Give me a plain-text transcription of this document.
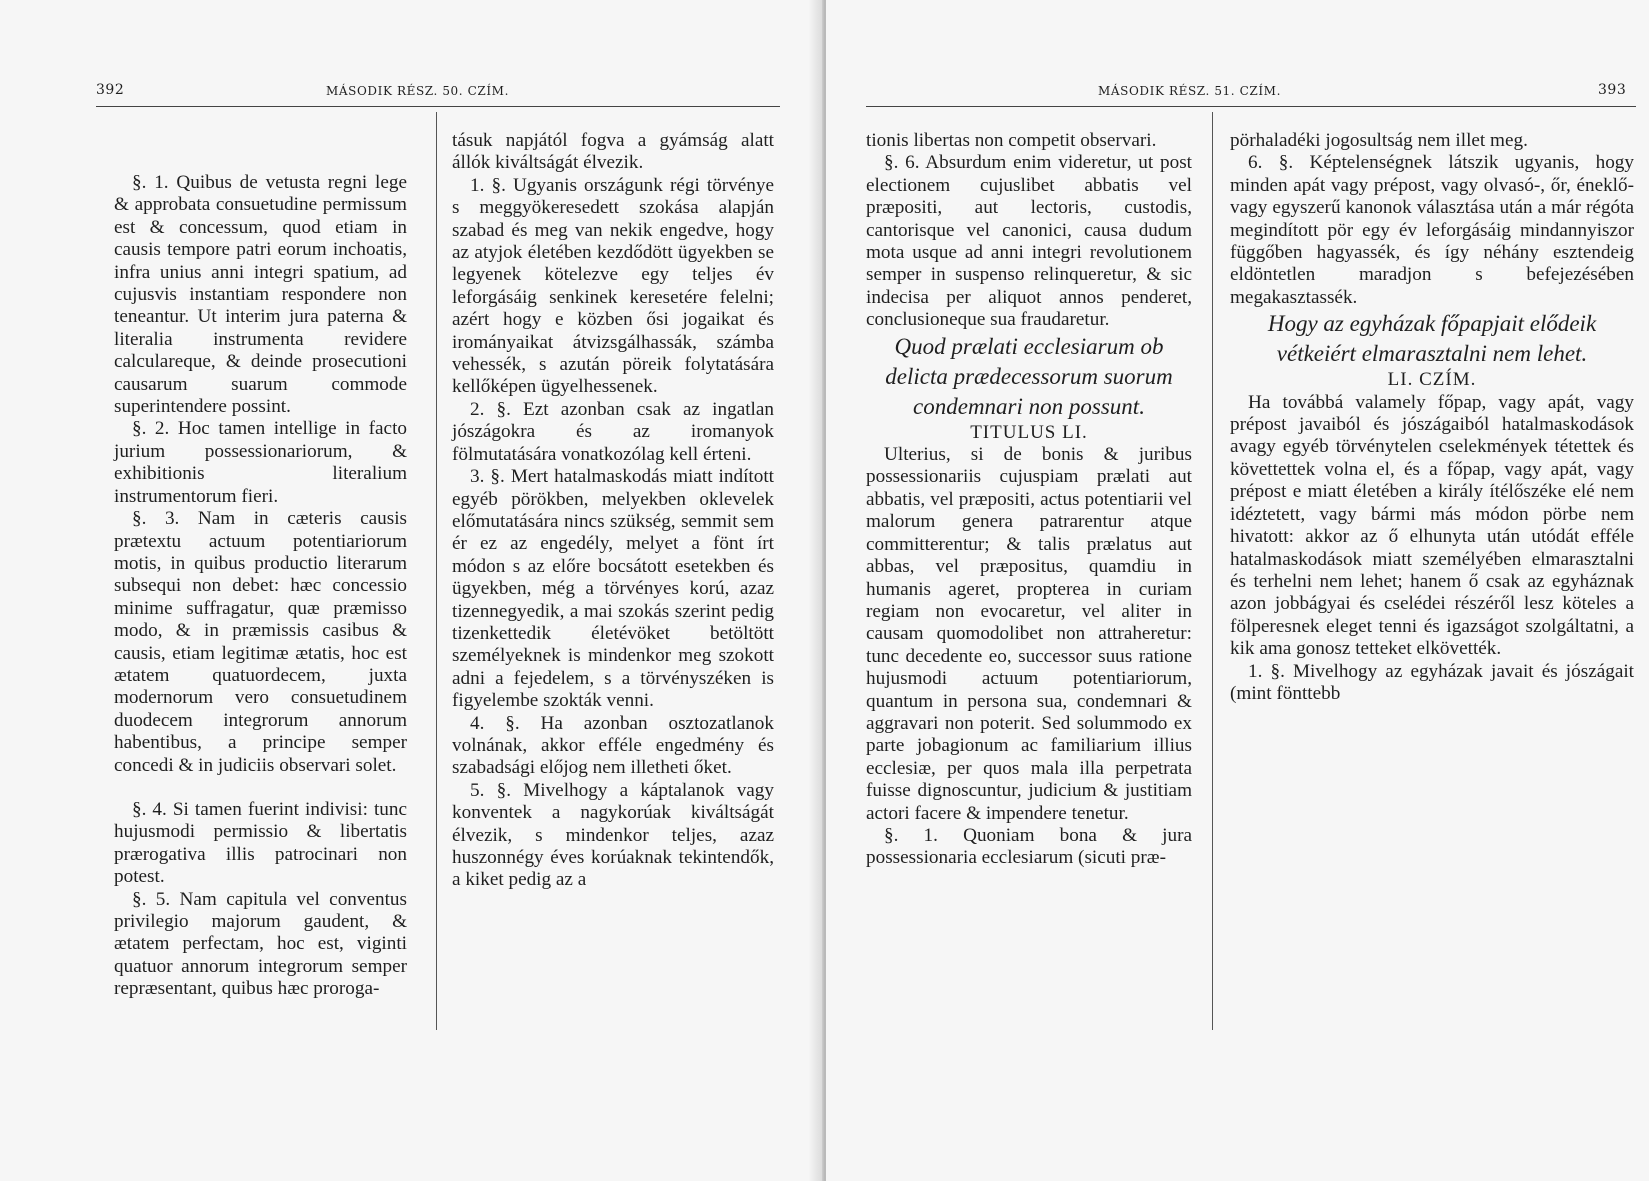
392	MÁSODIK RÉSZ. 50. CZÍM.

§. 1. Quibus de vetusta regni lege & approbata consuetudine permissum est & concessum, quod etiam in causis tempore patri eorum inchoatis, infra unius anni integri spatium, ad cujusvis instantiam respondere non teneantur. Ut interim jura paterna & literalia instrumenta revidere calculareque, & deinde prosecutioni causarum suarum commode superintendere possint.

§. 2. Hoc tamen intellige in facto jurium possessionariorum, & exhibitionis literalium instrumentorum fieri.

§. 3. Nam in cæteris causis prætextu actuum potentiariorum motis, in quibus productio literarum subsequi non debet: hæc concessio minime suffragatur, quæ præmisso modo, & in præmissis casibus & causis, etiam legitimæ ætatis, hoc est ætatem quatuordecem, juxta modernorum vero consuetudinem duodecem integrorum annorum habentibus, a principe semper concedi & in judiciis observari solet.

§. 4. Si tamen fuerint indivisi: tunc hujusmodi permissio & libertatis prærogativa illis patrocinari non potest.

§. 5. Nam capitula vel conventus privilegio majorum gaudent, & ætatem perfectam, hoc est, viginti quatuor annorum integrorum semper repræsentant, quibus hæc proroga-

tásuk napjától fogva a gyámság alatt állók kiváltságát élvezik.

1. §. Ugyanis országunk régi törvénye s meggyökeresedett szokása alapján szabad és meg van nekik engedve, hogy az atyjok életében kezdődött ügyekben se legyenek kötelezve egy teljes év leforgásáig senkinek keresetére felelni; azért hogy e közben ősi jogaikat és irományaikat átvizsgálhassák, számba vehessék, s azután pöreik folytatására kellőképen ügyelhessenek.

2. §. Ezt azonban csak az ingatlan jószágokra és az iromanyok fölmutatására vonatkozólag kell érteni.

3. §. Mert hatalmaskodás miatt indított egyéb pörökben, melyekben oklevelek előmutatására nincs szükség, semmit sem ér ez az engedély, melyet a fönt írt módon s az előre bocsátott esetekben és ügyekben, még a törvényes korú, azaz tizennegyedik, a mai szokás szerint pedig tizenkettedik életévöket betöltött személyeknek is mindenkor meg szokott adni a fejedelem, s a törvényszéken is figyelembe szokták venni.

4. §. Ha azonban osztozatlanok volnának, akkor efféle engedmény és szabadsági előjog nem illetheti őket.

5. §. Mivelhogy a káptalanok vagy konventek a nagykorúak kiváltságát élvezik, s mindenkor teljes, azaz huszonnégy éves korúaknak tekintendők, a kiket pedig az a

MÁSODIK RÉSZ. 51. CZÍM.	393

tionis libertas non competit observari.

§. 6. Absurdum enim videretur, ut post electionem cujuslibet abbatis vel præpositi, aut lectoris, custodis, cantorisque vel canonici, causa dudum mota usque ad anni integri revolutionem semper in suspenso relinqueretur, & sic indecisa per aliquot annos penderet, conclusioneque sua fraudaretur.

Quod prælati ecclesiarum ob delicta prædecessorum suorum condemnari non possunt.

TITULUS LI.

Ulterius, si de bonis & juribus possessionariis cujuspiam prælati aut abbatis, vel præpositi, actus potentiarii vel malorum genera patrarentur atque committerentur; & talis prælatus aut abbas, vel præpositus, quamdiu in humanis ageret, propterea in curiam regiam non evocaretur, vel aliter in causam quomodolibet non attraheretur: tunc decedente eo, successor suus ratione hujusmodi actuum potentiariorum, quantum in persona sua, condemnari & aggravari non poterit. Sed solummodo ex parte jobagionum ac familiarium illius ecclesiæ, per quos mala illa perpetrata fuisse dignoscuntur, judicium & justitiam actori facere & impendere tenetur.

§. 1. Quoniam bona & jura possessionaria ecclesiarum (sicuti præ-

pörhaladéki jogosultság nem illet meg.

6. §. Képtelenségnek látszik ugyanis, hogy minden apát vagy prépost, vagy olvasó-, őr, éneklő-vagy egyszerű kanonok választása után a már régóta megindított pör egy év leforgásáig mindannyiszor függőben hagyassék, és így néhány esztendeig eldöntetlen maradjon s befejezésében megakasztassék.

Hogy az egyházak főpapjait elődeik vétkeiért elmarasztalni nem lehet.

LI. CZÍM.

Ha továbbá valamely főpap, vagy apát, vagy prépost javaiból és jószágaiból hatalmaskodások avagy egyéb törvénytelen cselekmények tétettek és követtettek volna el, és a főpap, vagy apát, vagy prépost e miatt életében a király ítélőszéke elé nem idéztetett, vagy bármi más módon pörbe nem hivatott: akkor az ő elhunyta után utódát efféle hatalmaskodások miatt személyében elmarasztalni és terhelni nem lehet; hanem ő csak az egyháznak azon jobbágyai és cselédei részéről lesz köteles a fölperesnek eleget tenni és igazságot szolgáltatni, a kik ama gonosz tetteket elkövették.

1. §. Mivelhogy az egyházak javait és jószágait (mint fönttebb
